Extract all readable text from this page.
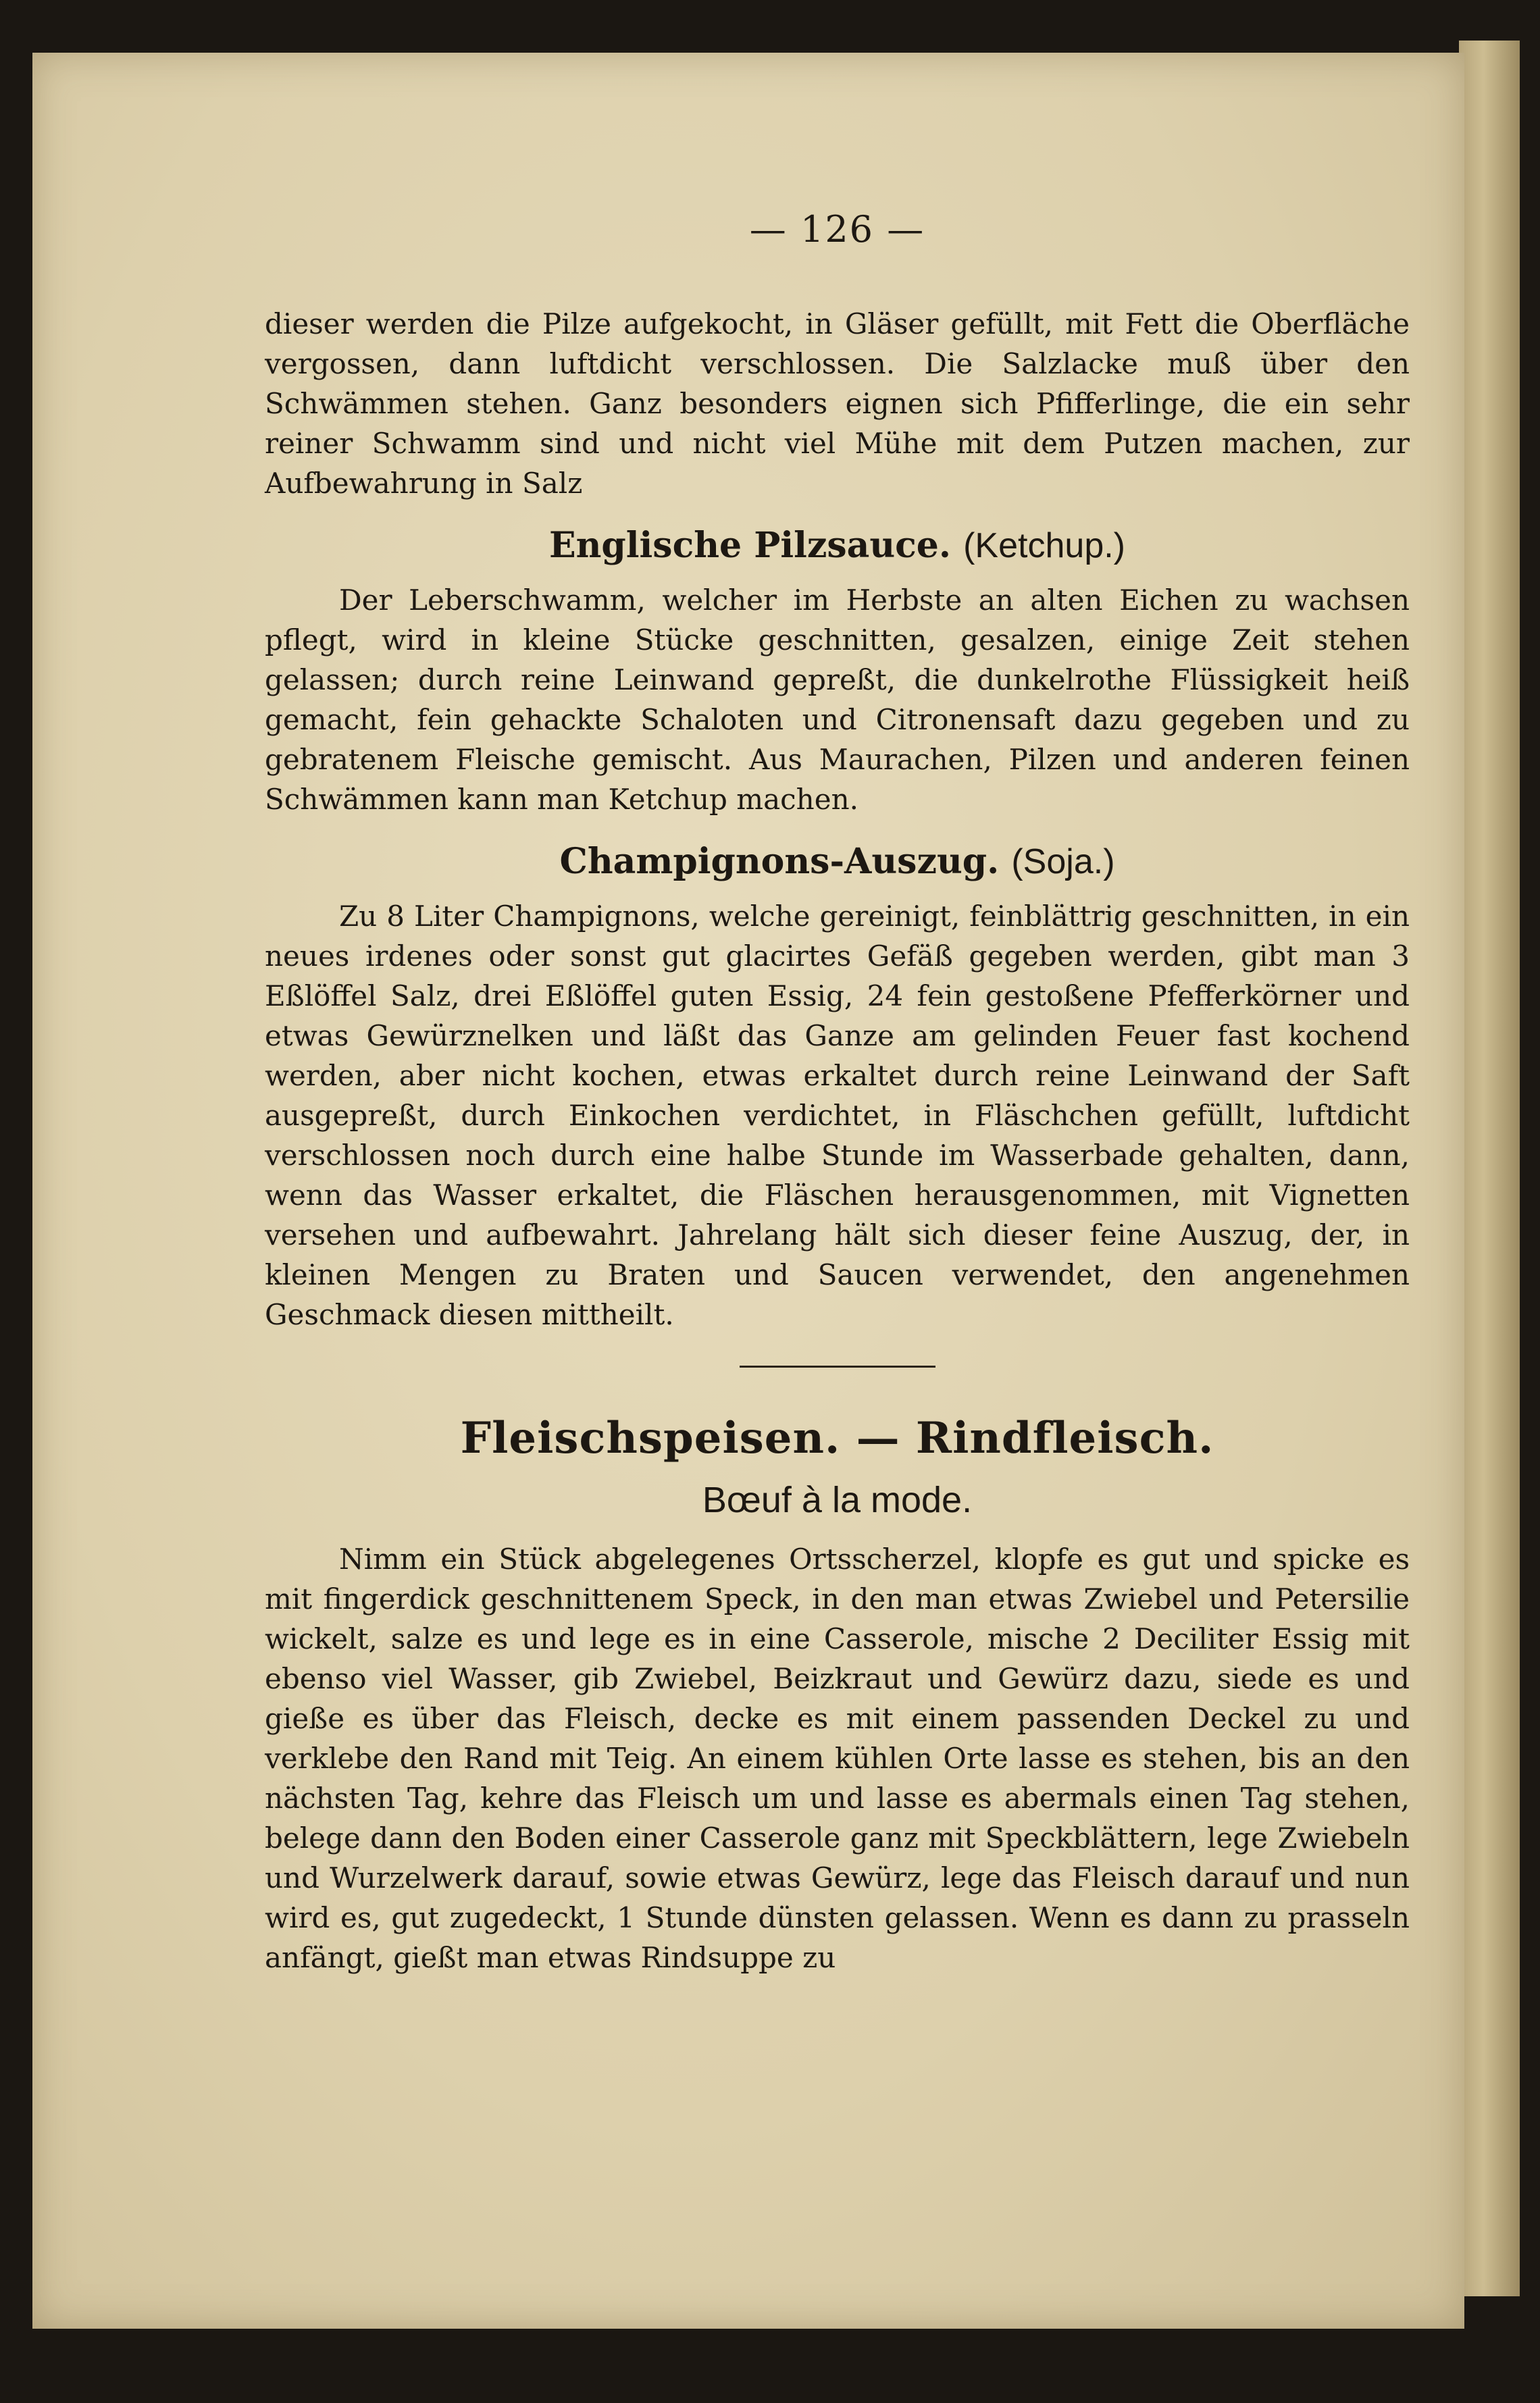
— 126 —

dieser werden die Pilze aufgekocht, in Gläser gefüllt, mit Fett die Oberfläche vergossen, dann luftdicht verschlossen. Die Salzlacke muß über den Schwämmen stehen. Ganz besonders eignen sich Pfifferlinge, die ein sehr reiner Schwamm sind und nicht viel Mühe mit dem Putzen machen, zur Aufbewahrung in Salz

Englische Pilzsauce. (Ketchup.)

Der Leberschwamm, welcher im Herbste an alten Eichen zu wachsen pflegt, wird in kleine Stücke geschnitten, gesalzen, einige Zeit stehen gelassen; durch reine Leinwand gepreßt, die dunkelrothe Flüssigkeit heiß gemacht, fein gehackte Schaloten und Citronensaft dazu gegeben und zu gebratenem Fleische gemischt. Aus Maurachen, Pilzen und anderen feinen Schwämmen kann man Ketchup machen.

Champignons-Auszug. (Soja.)

Zu 8 Liter Champignons, welche gereinigt, feinblättrig geschnitten, in ein neues irdenes oder sonst gut glacirtes Gefäß gegeben werden, gibt man 3 Eßlöffel Salz, drei Eßlöffel guten Essig, 24 fein gestoßene Pfefferkörner und etwas Gewürznelken und läßt das Ganze am gelinden Feuer fast kochend werden, aber nicht kochen, etwas erkaltet durch reine Leinwand der Saft ausgepreßt, durch Einkochen verdichtet, in Fläschchen gefüllt, luftdicht verschlossen noch durch eine halbe Stunde im Wasserbade gehalten, dann, wenn das Wasser erkaltet, die Fläschen herausgenommen, mit Vignetten versehen und aufbewahrt. Jahrelang hält sich dieser feine Auszug, der, in kleinen Mengen zu Braten und Saucen verwendet, den angenehmen Geschmack diesen mittheilt.

Fleischspeisen. — Rindfleisch.
Bœuf à la mode.

Nimm ein Stück abgelegenes Ortsscherzel, klopfe es gut und spicke es mit fingerdick geschnittenem Speck, in den man etwas Zwiebel und Petersilie wickelt, salze es und lege es in eine Casserole, mische 2 Deciliter Essig mit ebenso viel Wasser, gib Zwiebel, Beizkraut und Gewürz dazu, siede es und gieße es über das Fleisch, decke es mit einem passenden Deckel zu und verklebe den Rand mit Teig. An einem kühlen Orte lasse es stehen, bis an den nächsten Tag, kehre das Fleisch um und lasse es abermals einen Tag stehen, belege dann den Boden einer Casserole ganz mit Speckblättern, lege Zwiebeln und Wurzelwerk darauf, sowie etwas Gewürz, lege das Fleisch darauf und nun wird es, gut zugedeckt, 1 Stunde dünsten gelassen. Wenn es dann zu prasseln anfängt, gießt man etwas Rindsuppe zu
